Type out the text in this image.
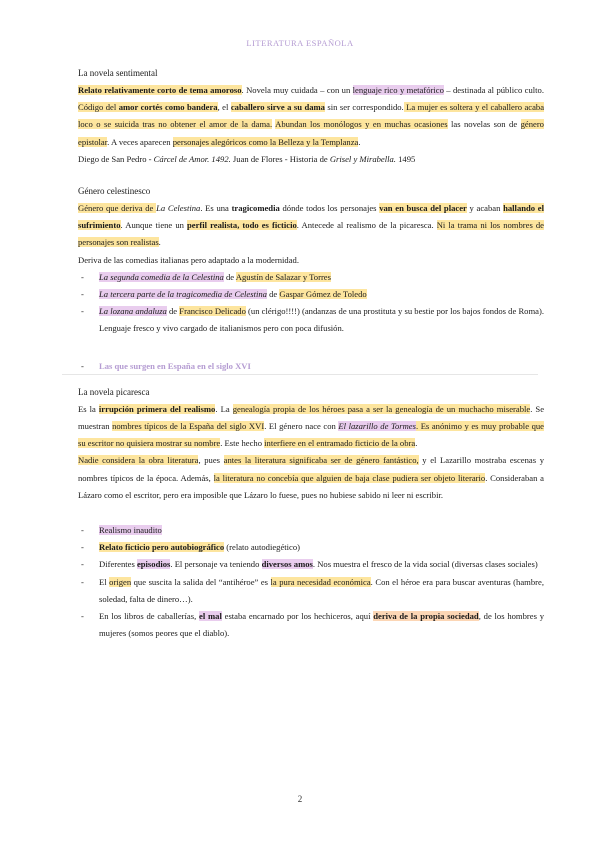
LITERATURA ESPAÑOLA
La novela sentimental

Relato relativamente corto de tema amoroso. Novela muy cuidada – con un lenguaje rico y metafórico – destinada al público culto. Código del amor cortés como bandera, el caballero sirve a su dama sin ser correspondido. La mujer es soltera y el caballero acaba loco o se suicida tras no obtener el amor de la dama. Abundan los monólogos y en muchas ocasiones las novelas son de género epistolar. A veces aparecen personajes alegóricos como la Belleza y la Templanza.

Diego de San Pedro - Cárcel de Amor. 1492. Juan de Flores - Historia de Grisel y Mirabella. 1495

Género celestinesco

Género que deriva de La Celestina. Es una tragicomedia dónde todos los personajes van en busca del placer y acaban hallando el sufrimiento. Aunque tiene un perfil realista, todo es ficticio. Antecede al realismo de la picaresca. Ni la trama ni los nombres de personajes son realistas.

Deriva de las comedias italianas pero adaptado a la modernidad.

- La segunda comedia de la Celestina de Agustín de Salazar y Torres
- La tercera parte de la tragicomedia de Celestina de Gaspar Gómez de Toledo
- La lozana andaluza de Francisco Delicado (un clérigo!!!!) (andanzas de una prostituta y su bestie por los bajos fondos de Roma). Lenguaje fresco y vivo cargado de italianismos pero con poca difusión.
- Las que surgen en España en el siglo XVI
La novela picaresca

Es la irrupción primera del realismo. La genealogía propia de los héroes pasa a ser la genealogía de un muchacho miserable. Se muestran nombres típicos de la España del siglo XVI. El género nace con El lazarillo de Tormes. Es anónimo y es muy probable que su escritor no quisiera mostrar su nombre. Este hecho interfiere en el entramado ficticio de la obra.

Nadie considera la obra literatura, pues antes la literatura significaba ser de género fantástico, y el Lazarillo mostraba escenas y nombres típicos de la época. Además, la literatura no concebía que alguien de baja clase pudiera ser objeto literario. Consideraban a Lázaro como el escritor, pero era imposible que Lázaro lo fuese, pues no hubiese sabido ni leer ni escribir.

- Realismo inaudito
- Relato ficticio pero autobiográfico (relato autodiegético)
- Diferentes episodios. El personaje va teniendo diversos amos. Nos muestra el fresco de la vida social (diversas clases sociales)
- El origen que suscita la salida del “antihéroe” es la pura necesidad económica. Con el héroe era para buscar aventuras (hambre, soledad, falta de dinero…).
- En los libros de caballerías, el mal estaba encarnado por los hechiceros, aquí deriva de la propia sociedad, de los hombres y mujeres (somos peores que el diablo).
2
